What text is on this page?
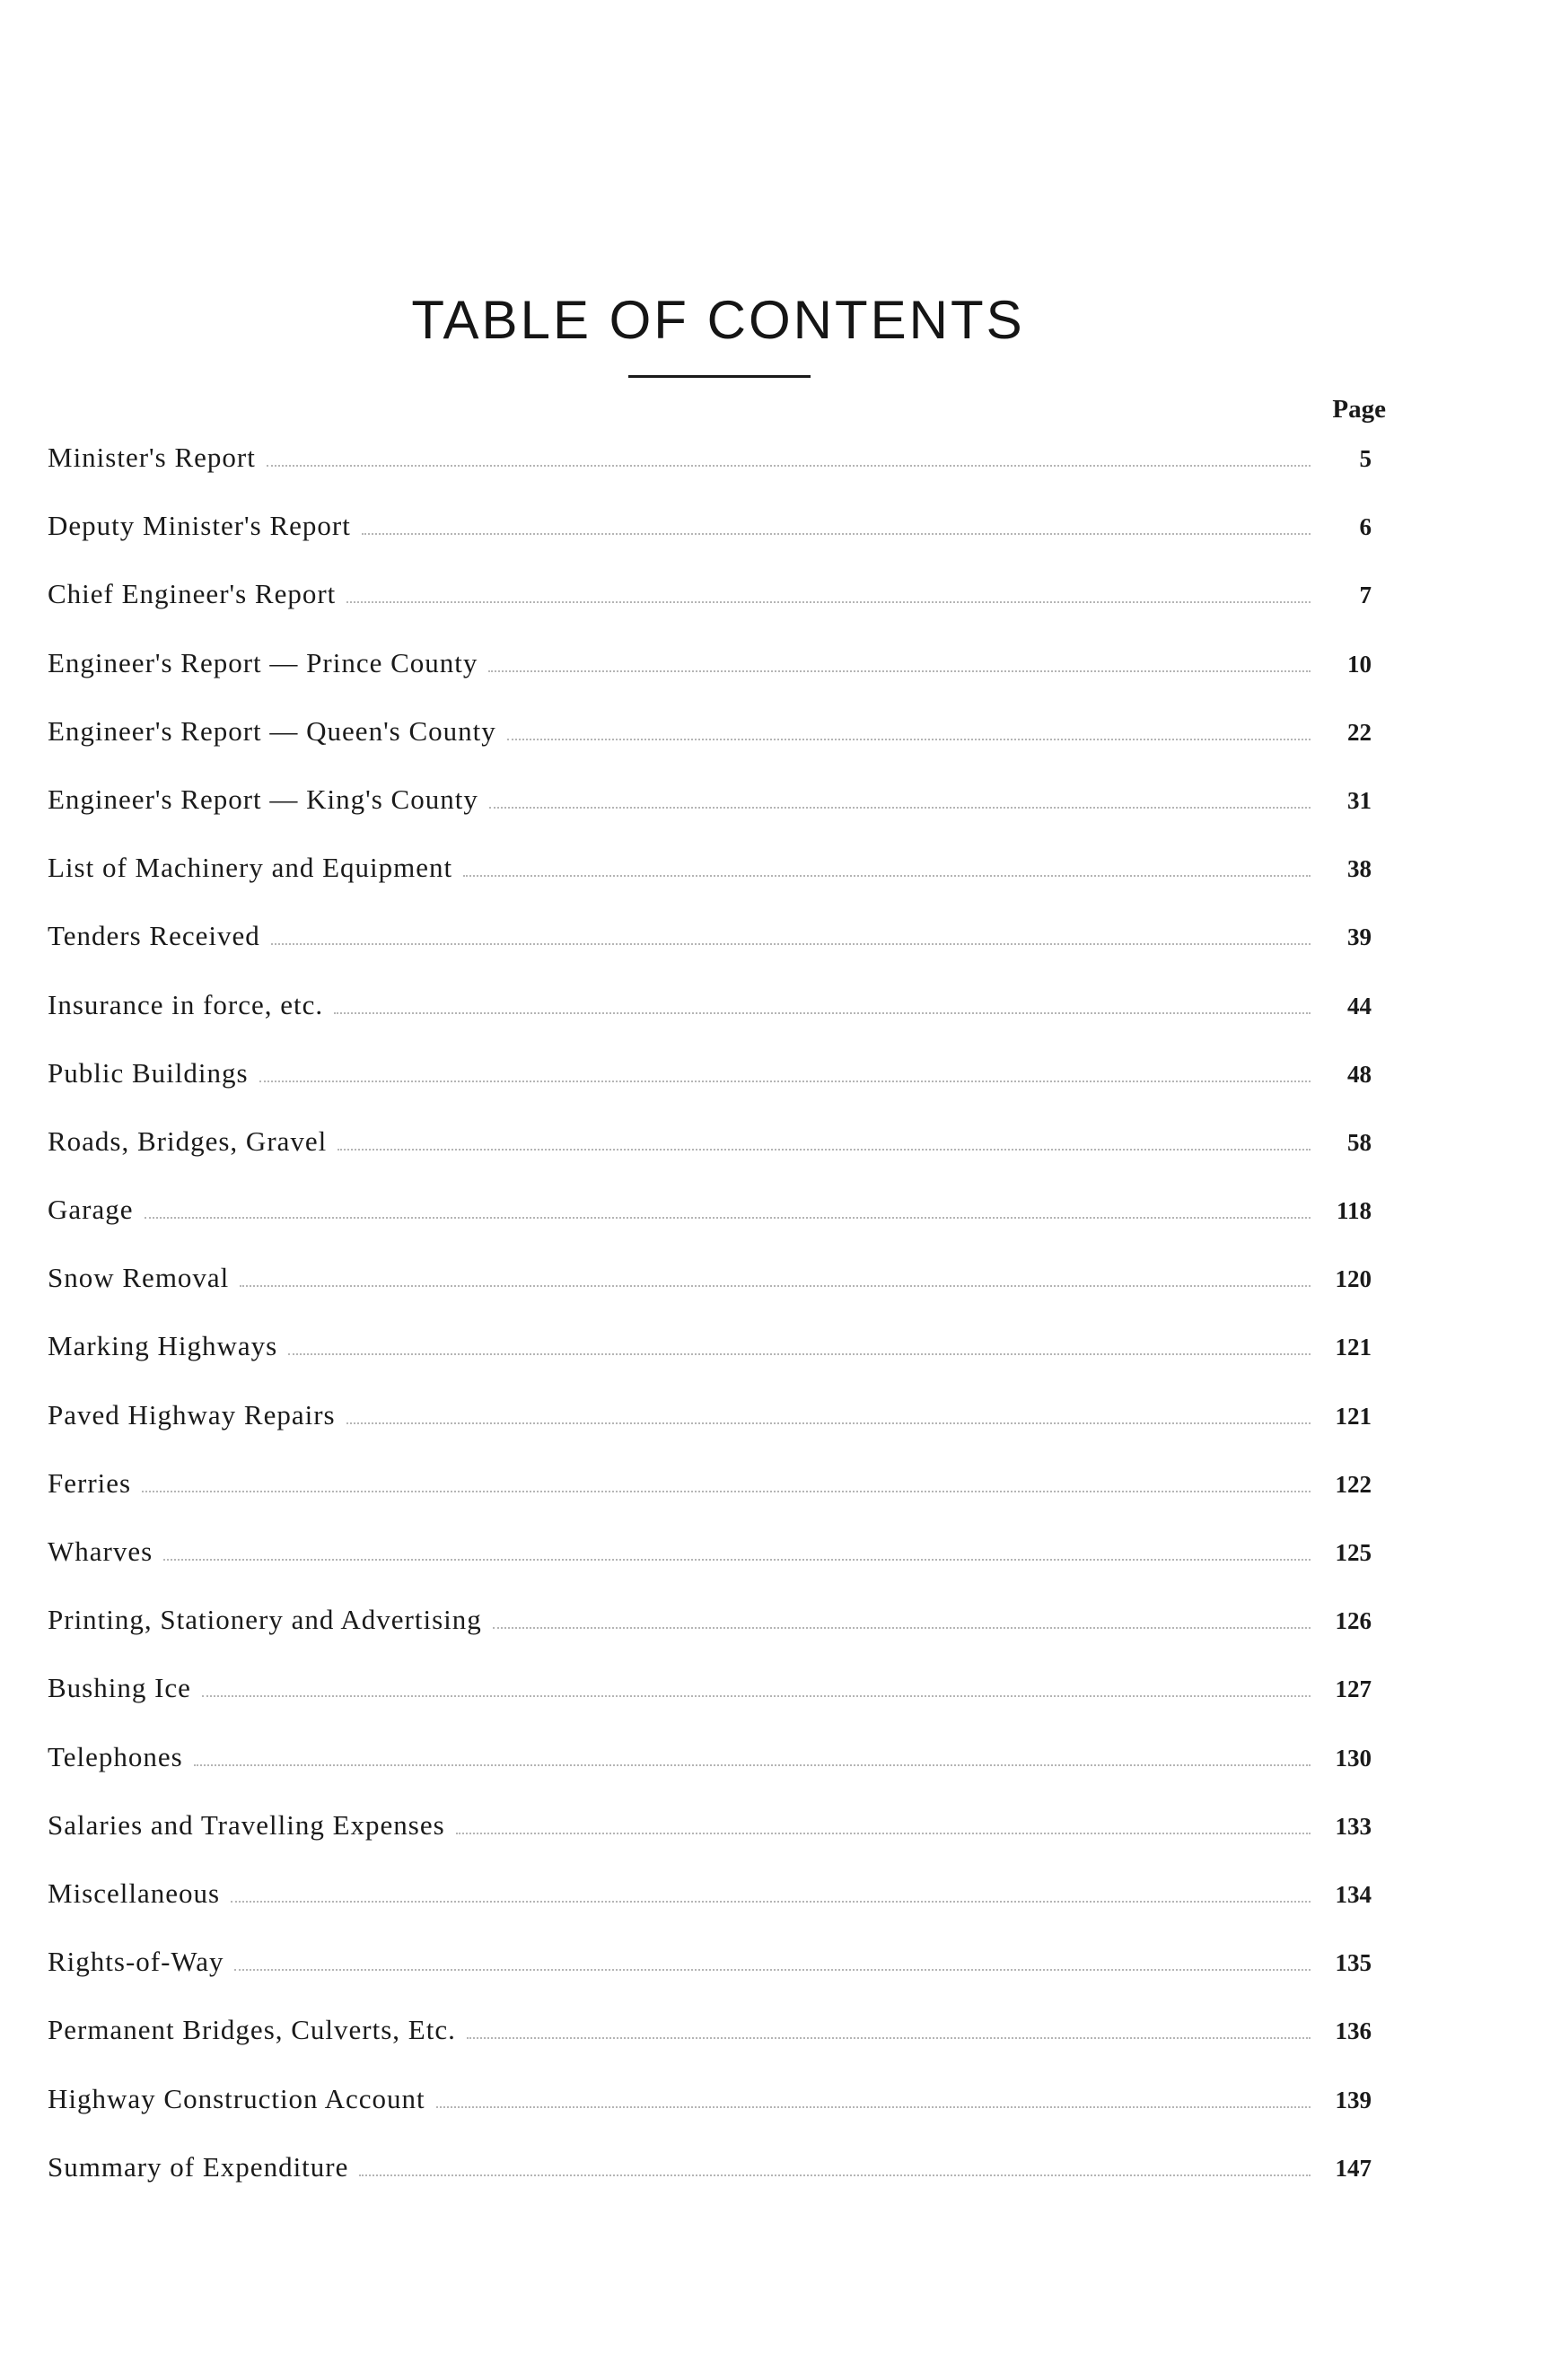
TABLE OF CONTENTS
Page
Minister's Report	5
Deputy Minister's Report	6
Chief Engineer's Report	7
Engineer's Report — Prince County	10
Engineer's Report — Queen's County	22
Engineer's Report — King's County	31
List of Machinery and Equipment	38
Tenders Received	39
Insurance in force, etc.	44
Public Buildings	48
Roads, Bridges, Gravel	58
Garage	118
Snow Removal	120
Marking Highways	121
Paved Highway Repairs	121
Ferries	122
Wharves	125
Printing, Stationery and Advertising	126
Bushing Ice	127
Telephones	130
Salaries and Travelling Expenses	133
Miscellaneous	134
Rights-of-Way	135
Permanent Bridges, Culverts, Etc.	136
Highway Construction Account	139
Summary of Expenditure	147
